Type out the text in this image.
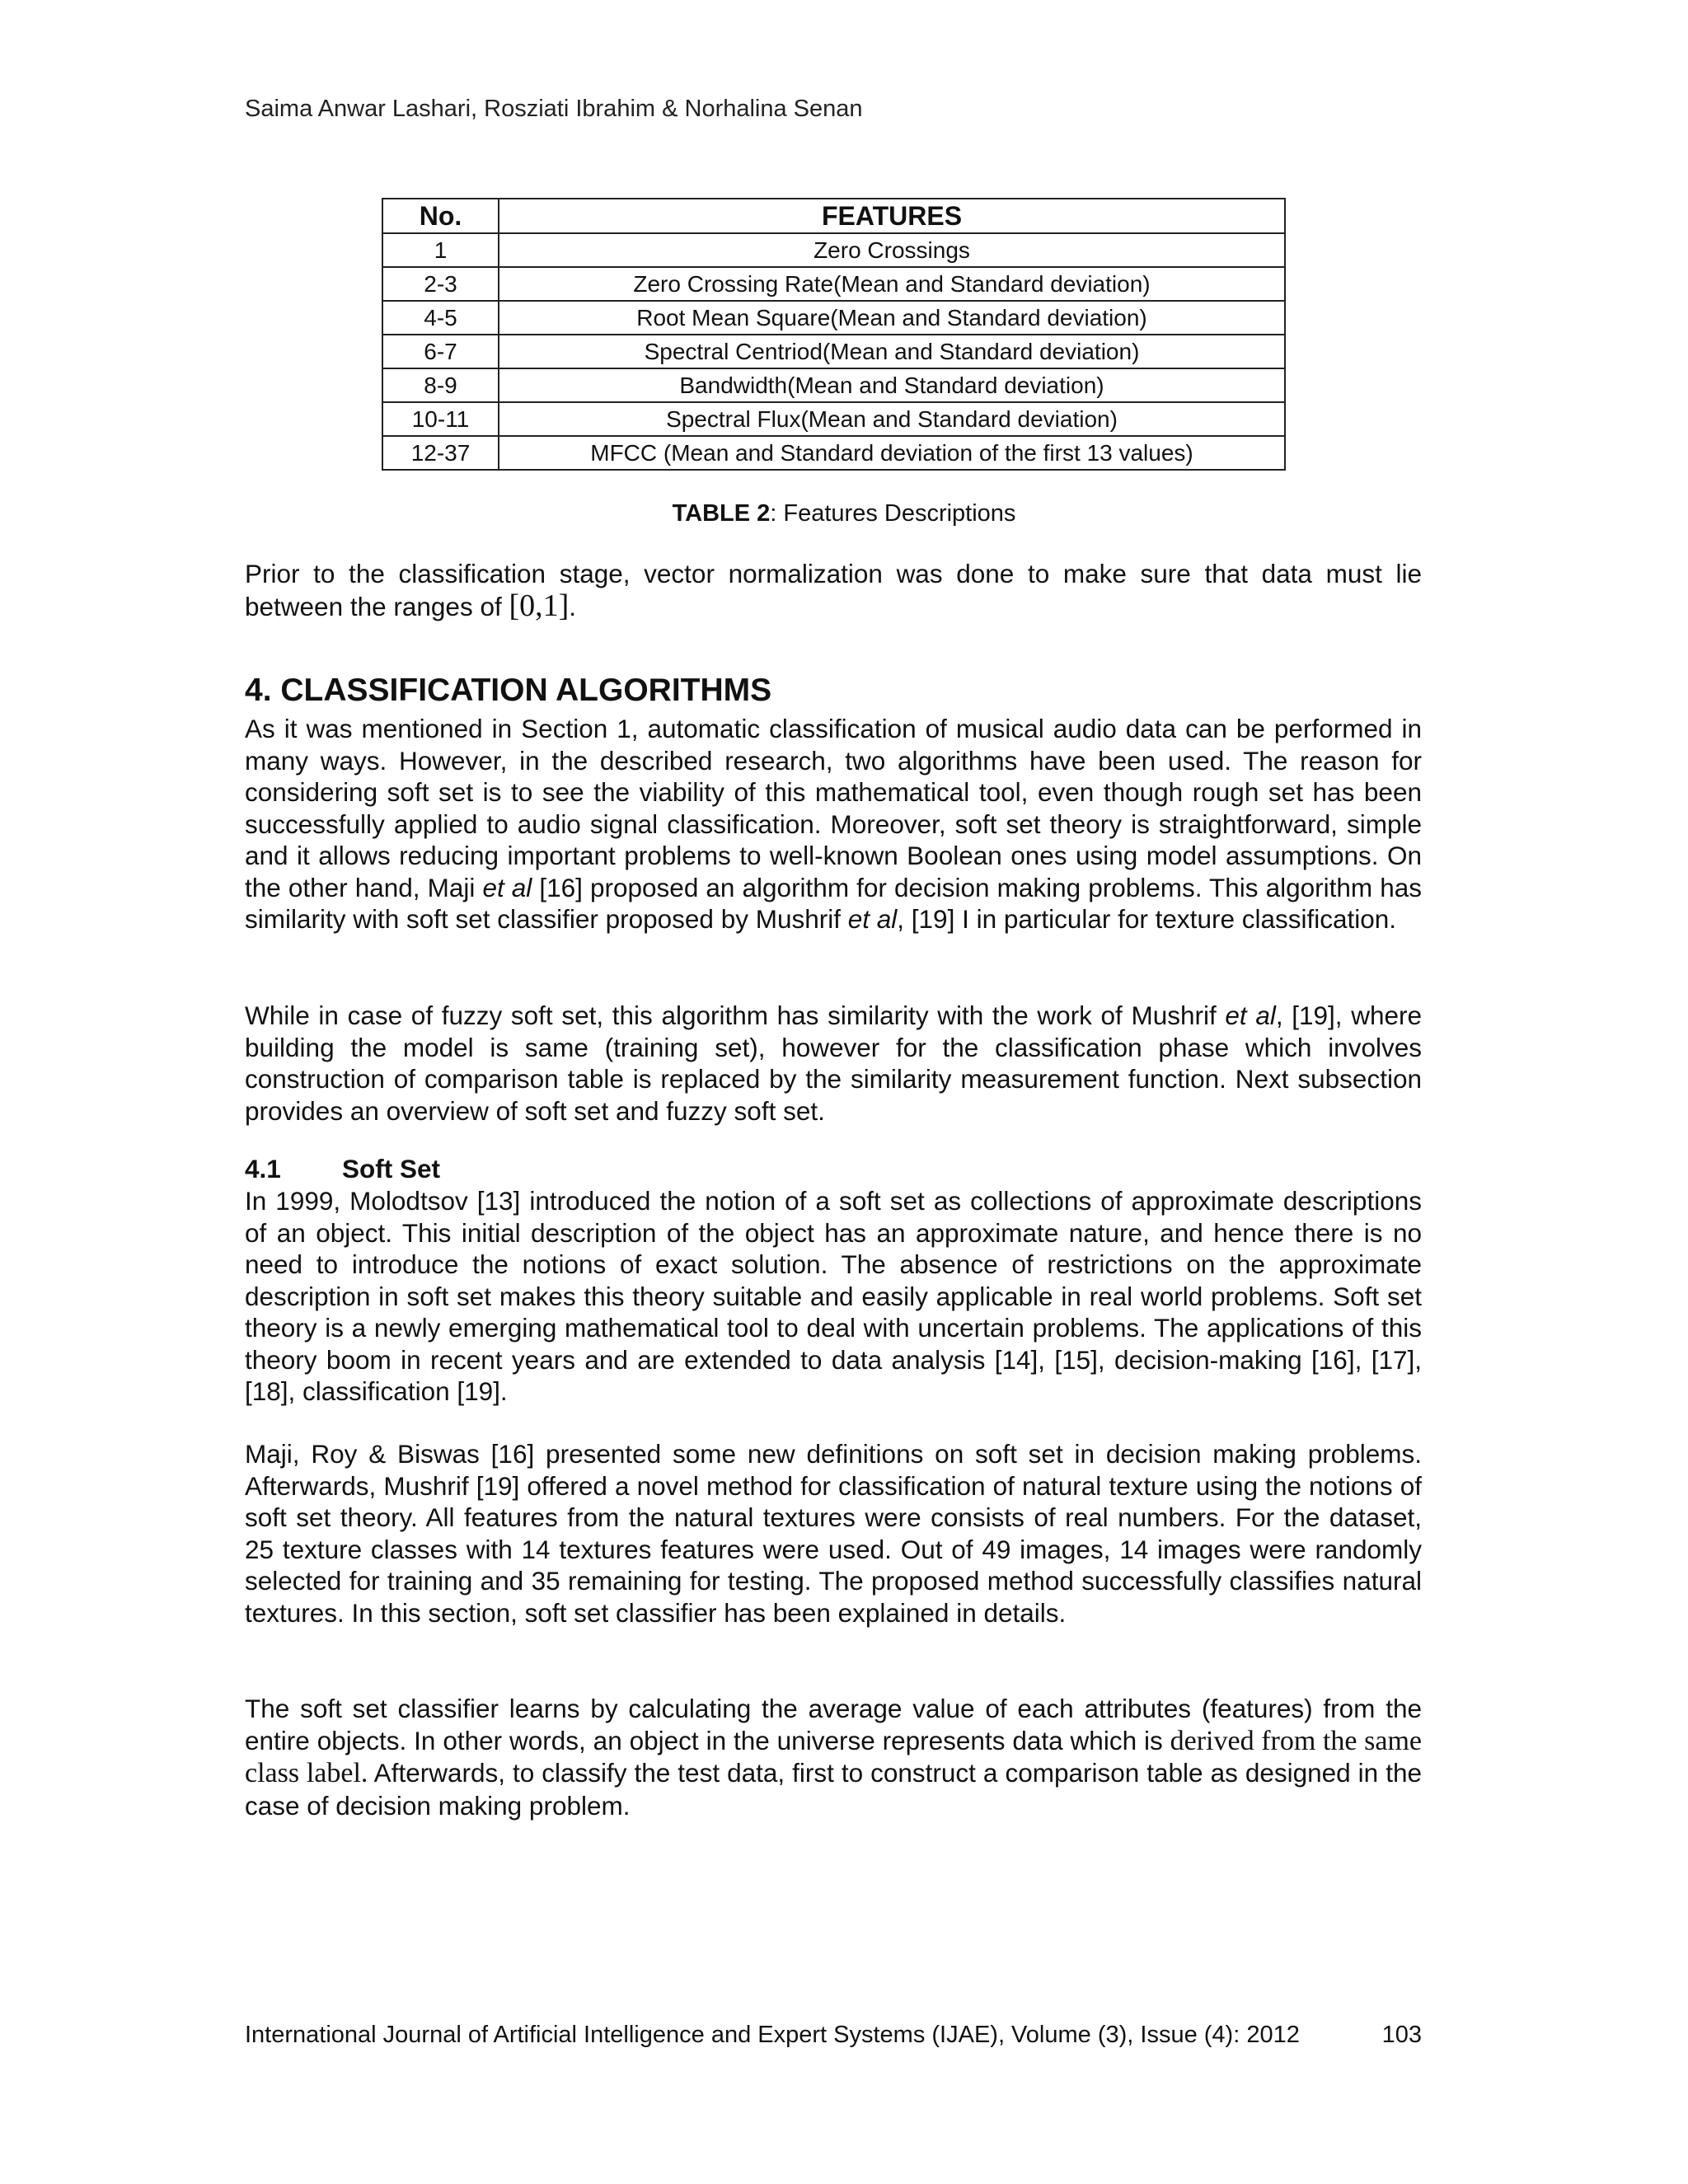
Saima Anwar Lashari, Rosziati Ibrahim & Norhalina Senan
No.	FEATURES
1	Zero Crossings
2-3	Zero Crossing Rate(Mean and Standard deviation)
4-5	Root Mean Square(Mean and Standard deviation)
6-7	Spectral Centriod(Mean and Standard deviation)
8-9	Bandwidth(Mean and Standard deviation)
10-11	Spectral Flux(Mean and Standard deviation)
12-37	MFCC (Mean and Standard deviation of the first 13 values)
TABLE 2: Features Descriptions

Prior to the classification stage, vector normalization was done to make sure that data must lie between the ranges of [0,1].

4. CLASSIFICATION ALGORITHMS

As it was mentioned in Section 1, automatic classification of musical audio data can be performed in many ways. However, in the described research, two algorithms have been used. The reason for considering soft set is to see the viability of this mathematical tool, even though rough set has been successfully applied to audio signal classification. Moreover, soft set theory is straightforward, simple and it allows reducing important problems to well-known Boolean ones using model assumptions. On the other hand, Maji et al [16] proposed an algorithm for decision making problems. This algorithm has similarity with soft set classifier proposed by Mushrif et al, [19] I in particular for texture classification.

While in case of fuzzy soft set, this algorithm has similarity with the work of Mushrif et al, [19], where building the model is same (training set), however for the classification phase which involves construction of comparison table is replaced by the similarity measurement function. Next subsection provides an overview of soft set and fuzzy soft set.

4.1 Soft Set

In 1999, Molodtsov [13] introduced the notion of a soft set as collections of approximate descriptions of an object. This initial description of the object has an approximate nature, and hence there is no need to introduce the notions of exact solution. The absence of restrictions on the approximate description in soft set makes this theory suitable and easily applicable in real world problems. Soft set theory is a newly emerging mathematical tool to deal with uncertain problems. The applications of this theory boom in recent years and are extended to data analysis [14], [15], decision-making [16], [17], [18], classification [19].

Maji, Roy & Biswas [16] presented some new definitions on soft set in decision making problems. Afterwards, Mushrif [19] offered a novel method for classification of natural texture using the notions of soft set theory. All features from the natural textures were consists of real numbers. For the dataset, 25 texture classes with 14 textures features were used. Out of 49 images, 14 images were randomly selected for training and 35 remaining for testing. The proposed method successfully classifies natural textures. In this section, soft set classifier has been explained in details.

The soft set classifier learns by calculating the average value of each attributes (features) from the entire objects. In other words, an object in the universe represents data which is derived from the same class label. Afterwards, to classify the test data, first to construct a comparison table as designed in the case of decision making problem.

International Journal of Artificial Intelligence and Expert Systems (IJAE), Volume (3), Issue (4): 2012	103
